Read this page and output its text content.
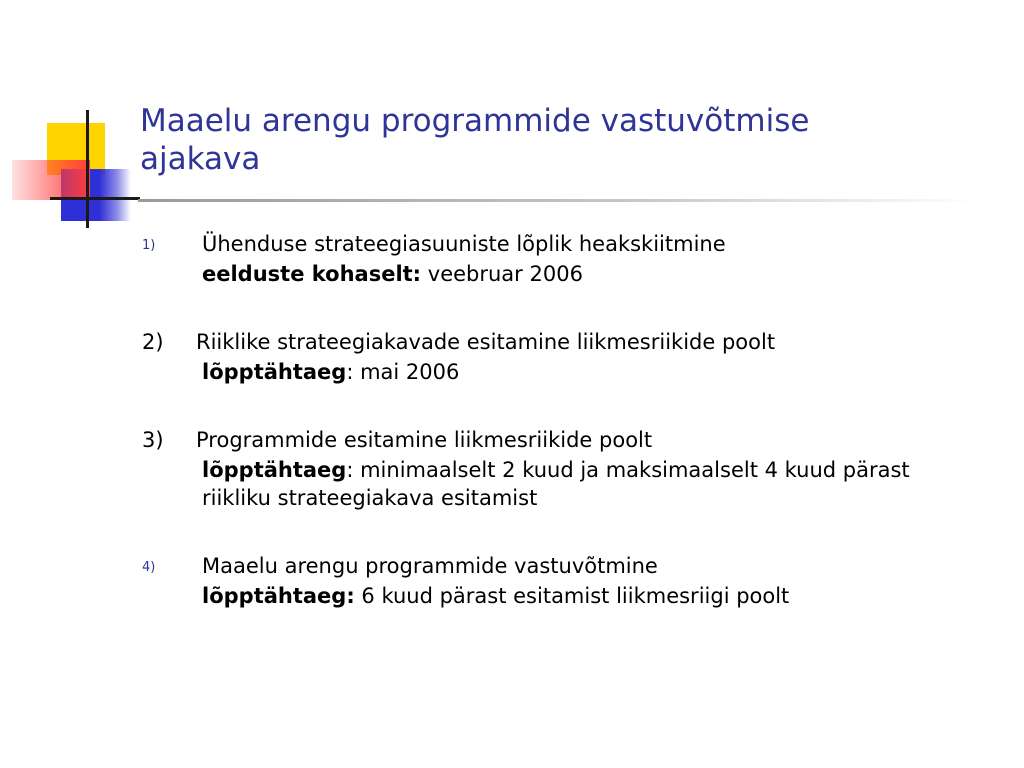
Maaelu arengu programmide vastuvõtmise
ajakava
1)	Ühenduse strateegiasuuniste lõplik heakskiitmine
eelduste kohaselt: veebruar 2006
2)	Riiklike strateegiakavade esitamine liikmesriikide poolt
lõpptähtaeg: mai 2006
3)	Programmide esitamine liikmesriikide poolt
lõpptähtaeg: minimaalselt 2 kuud ja maksimaalselt 4 kuud pärast riikliku strateegiakava esitamist
4)	Maaelu arengu programmide vastuvõtmine
lõpptähtaeg: 6 kuud pärast esitamist liikmesriigi poolt
